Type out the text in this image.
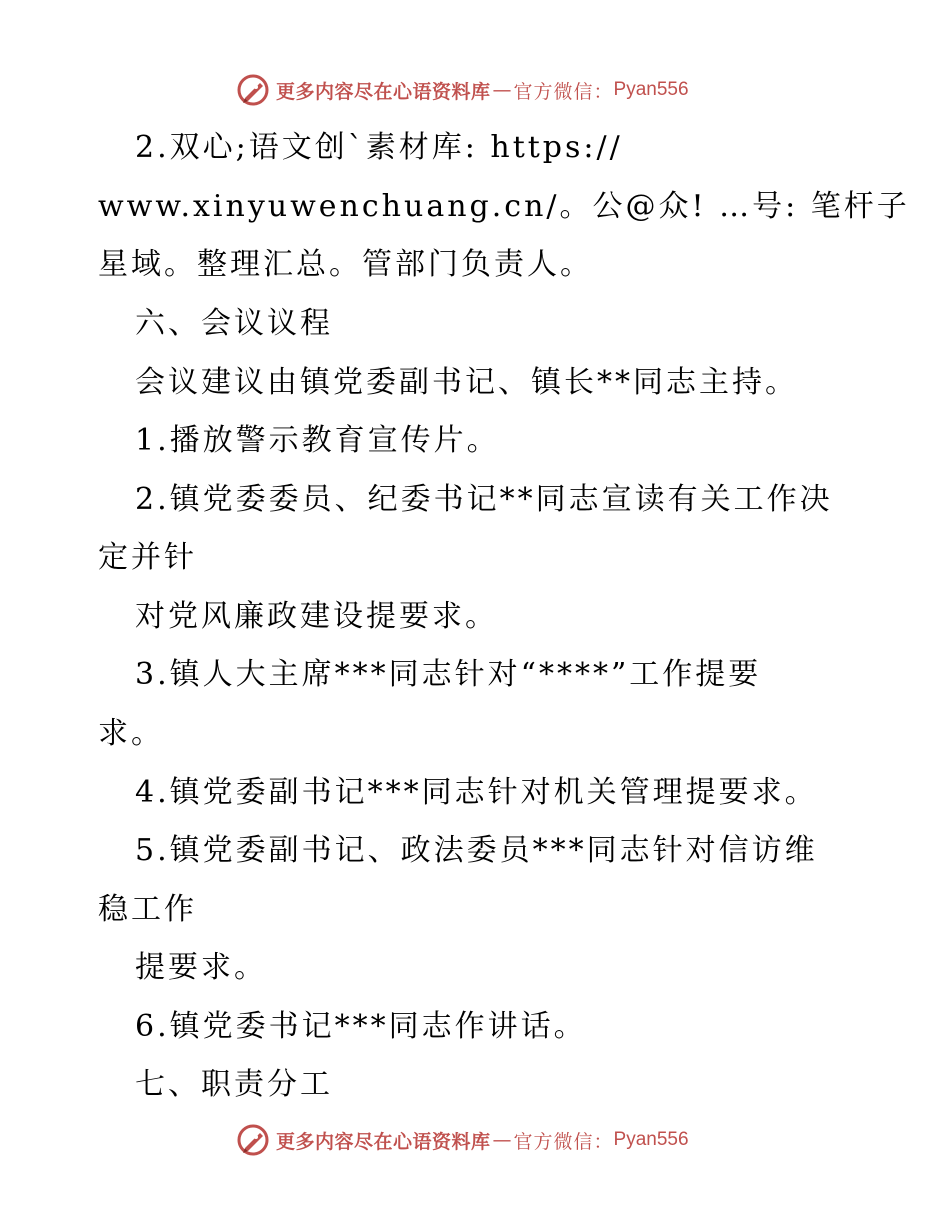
更多内容尽在心语资料库 — 官方微信： Pyan556
2.双心;语文创`素材库: https://
www.xinyuwenchuang.cn/。公@众! …号: 笔杆子
星域。整理汇总。管部门负责人。
六、会议议程
会议建议由镇党委副书记、镇长**同志主持。
1.播放警示教育宣传片。
2.镇党委委员、纪委书记**同志宣读有关工作决
定并针
对党风廉政建设提要求。
3.镇人大主席***同志针对“****”工作提要
求。
4.镇党委副书记***同志针对机关管理提要求。
5.镇党委副书记、政法委员***同志针对信访维
稳工作
提要求。
6.镇党委书记***同志作讲话。
七、职责分工
更多内容尽在心语资料库 — 官方微信： Pyan556
